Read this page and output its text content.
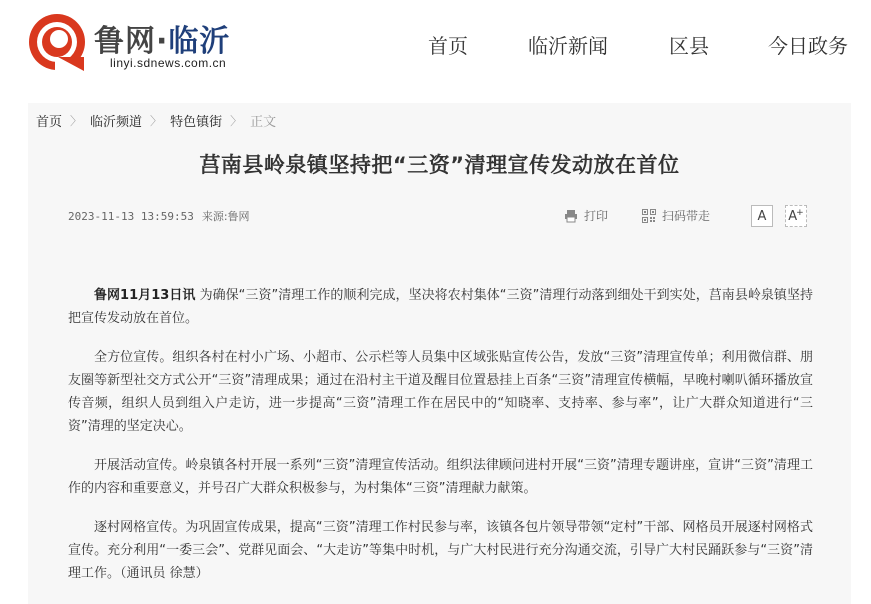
鲁网·临沂
linyi.sdnews.com.cn
首页	临沂新闻	区县	今日政务
首页 〉 临沂频道 〉 特色镇街 〉 正文
莒南县岭泉镇坚持把“三资”清理宣传发动放在首位
2023-11-13 13:59:53 来源:鲁网	打印	扫码带走	A A+

鲁网11月13日讯 为确保“三资”清理工作的顺利完成，坚决将农村集体“三资”清理行动落到细处干到实处，莒南县岭泉镇坚持把宣传发动放在首位。

全方位宣传。组织各村在村小广场、小超市、公示栏等人员集中区域张贴宣传公告，发放“三资”清理宣传单；利用微信群、朋友圈等新型社交方式公开“三资”清理成果；通过在沿村主干道及醒目位置悬挂上百条“三资”清理宣传横幅，早晚村喇叭循环播放宣传音频，组织人员到组入户走访，进一步提高“三资”清理工作在居民中的“知晓率、支持率、参与率”，让广大群众知道进行“三资”清理的坚定决心。

开展活动宣传。岭泉镇各村开展一系列“三资”清理宣传活动。组织法律顾问进村开展“三资”清理专题讲座，宣讲“三资”清理工作的内容和重要意义，并号召广大群众积极参与，为村集体“三资”清理献力献策。

逐村网格宣传。为巩固宣传成果，提高“三资”清理工作村民参与率，该镇各包片领导带领“定村”干部、网格员开展逐村网格式宣传。充分利用“一委三会”、党群见面会、“大走访”等集中时机，与广大村民进行充分沟通交流，引导广大村民踊跃参与“三资”清理工作。（通讯员 徐慧）
